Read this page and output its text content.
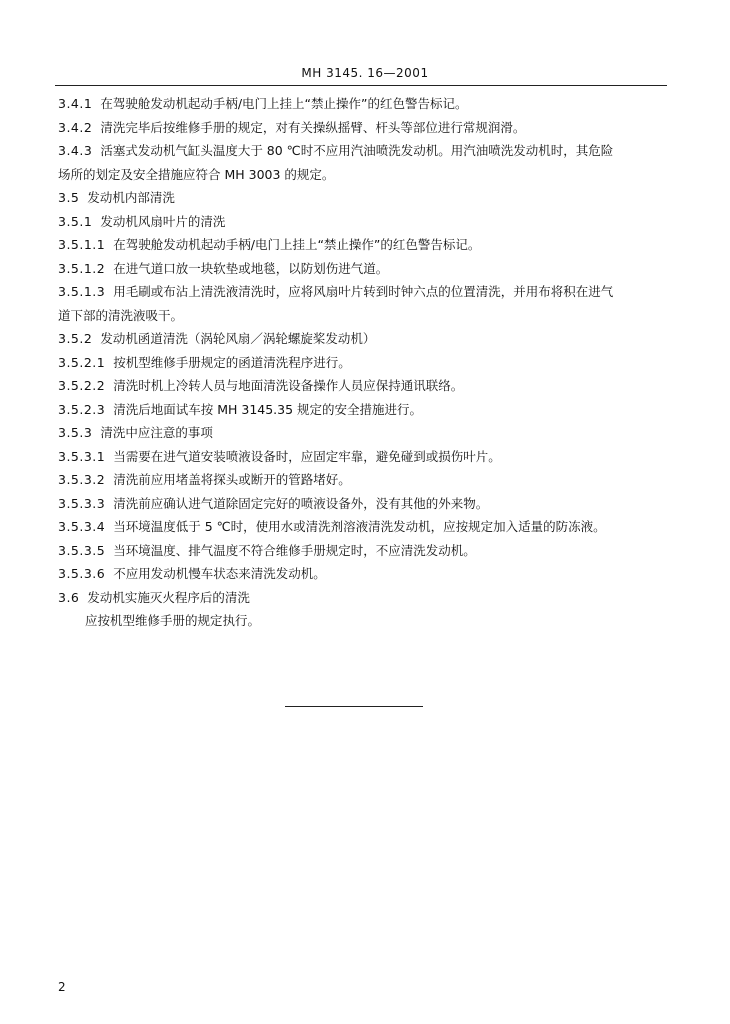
MH 3145. 16—2001
3.4.1 在驾驶舱发动机起动手柄/电门上挂上“禁止操作”的红色警告标记。
3.4.2 清洗完毕后按维修手册的规定，对有关操纵摇臂、杆头等部位进行常规润滑。
3.4.3 活塞式发动机气缸头温度大于 80 ℃时不应用汽油喷洗发动机。用汽油喷洗发动机时，其危险
场所的划定及安全措施应符合 MH 3003 的规定。
3.5 发动机内部清洗
3.5.1 发动机风扇叶片的清洗
3.5.1.1 在驾驶舱发动机起动手柄/电门上挂上“禁止操作”的红色警告标记。
3.5.1.2 在进气道口放一块软垫或地毯，以防划伤进气道。
3.5.1.3 用毛刷或布沾上清洗液清洗时，应将风扇叶片转到时钟六点的位置清洗，并用布将积在进气
道下部的清洗液吸干。
3.5.2 发动机函道清洗（涡轮风扇／涡轮螺旋桨发动机）
3.5.2.1 按机型维修手册规定的函道清洗程序进行。
3.5.2.2 清洗时机上冷转人员与地面清洗设备操作人员应保持通讯联络。
3.5.2.3 清洗后地面试车按 MH 3145.35 规定的安全措施进行。
3.5.3 清洗中应注意的事项
3.5.3.1 当需要在进气道安装喷液设备时，应固定牢靠，避免碰到或损伤叶片。
3.5.3.2 清洗前应用堵盖将探头或断开的管路堵好。
3.5.3.3 清洗前应确认进气道除固定完好的喷液设备外，没有其他的外来物。
3.5.3.4 当环境温度低于 5 ℃时，使用水或清洗剂溶液清洗发动机，应按规定加入适量的防冻液。
3.5.3.5 当环境温度、排气温度不符合维修手册规定时，不应清洗发动机。
3.5.3.6 不应用发动机慢车状态来清洗发动机。
3.6 发动机实施灭火程序后的清洗
应按机型维修手册的规定执行。
2
